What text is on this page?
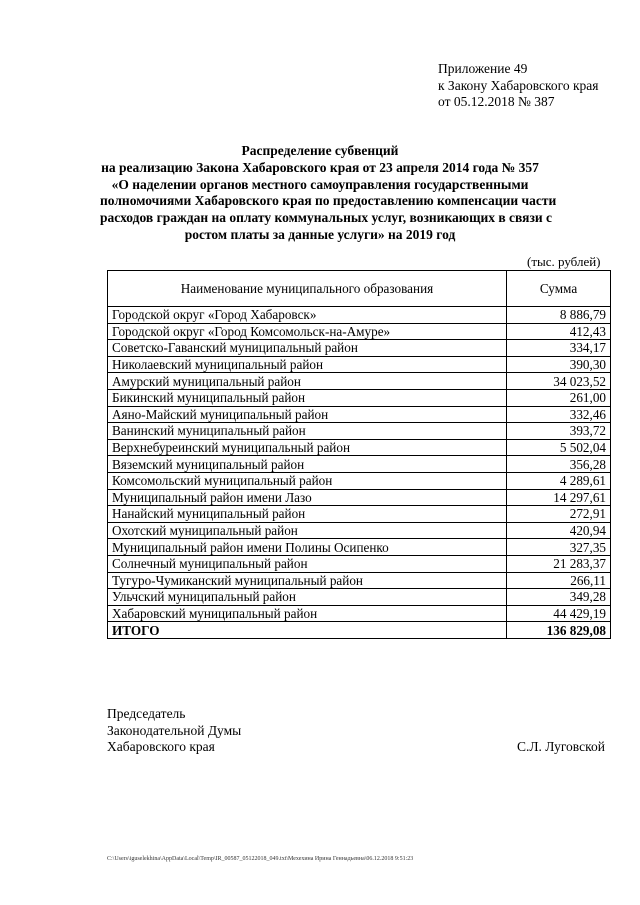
Приложение 49
к Закону Хабаровского края
от 05.12.2018 № 387
Распределение субвенций
на реализацию Закона Хабаровского края от 23 апреля 2014 года № 357
«О наделении органов местного самоуправления государственными
полномочиями Хабаровского края по предоставлению компенсации части
расходов граждан на оплату коммунальных услуг, возникающих в связи с
ростом платы за данные услуги» на 2019 год
(тыс. рублей)
Наименование муниципального образования	Сумма
Городской округ «Город Хабаровск»	8 886,79
Городской округ «Город Комсомольск-на-Амуре»	412,43
Советско-Гаванский муниципальный район	334,17
Николаевский муниципальный район	390,30
Амурский муниципальный район	34 023,52
Бикинский муниципальный район	261,00
Аяно-Майский муниципальный район	332,46
Ванинский муниципальный район	393,72
Верхнебуреинский муниципальный район	5 502,04
Вяземский муниципальный район	356,28
Комсомольский муниципальный район	4 289,61
Муниципальный район имени Лазо	14 297,61
Нанайский муниципальный район	272,91
Охотский муниципальный район	420,94
Муниципальный район имени Полины Осипенко	327,35
Солнечный муниципальный район	21 283,37
Тугуро-Чумиканский муниципальный район	266,11
Ульчский муниципальный район	349,28
Хабаровский муниципальный район	44 429,19
ИТОГО	136 829,08
Председатель
Законодательной Думы
Хабаровского края	С.Л. Луговской
C:\Users\iguselekhina\AppData\Local\Temp\IR_00587_05122018_049.txt\Мехехина Ирина Геннадьевна\06.12.2018 9:51:23
